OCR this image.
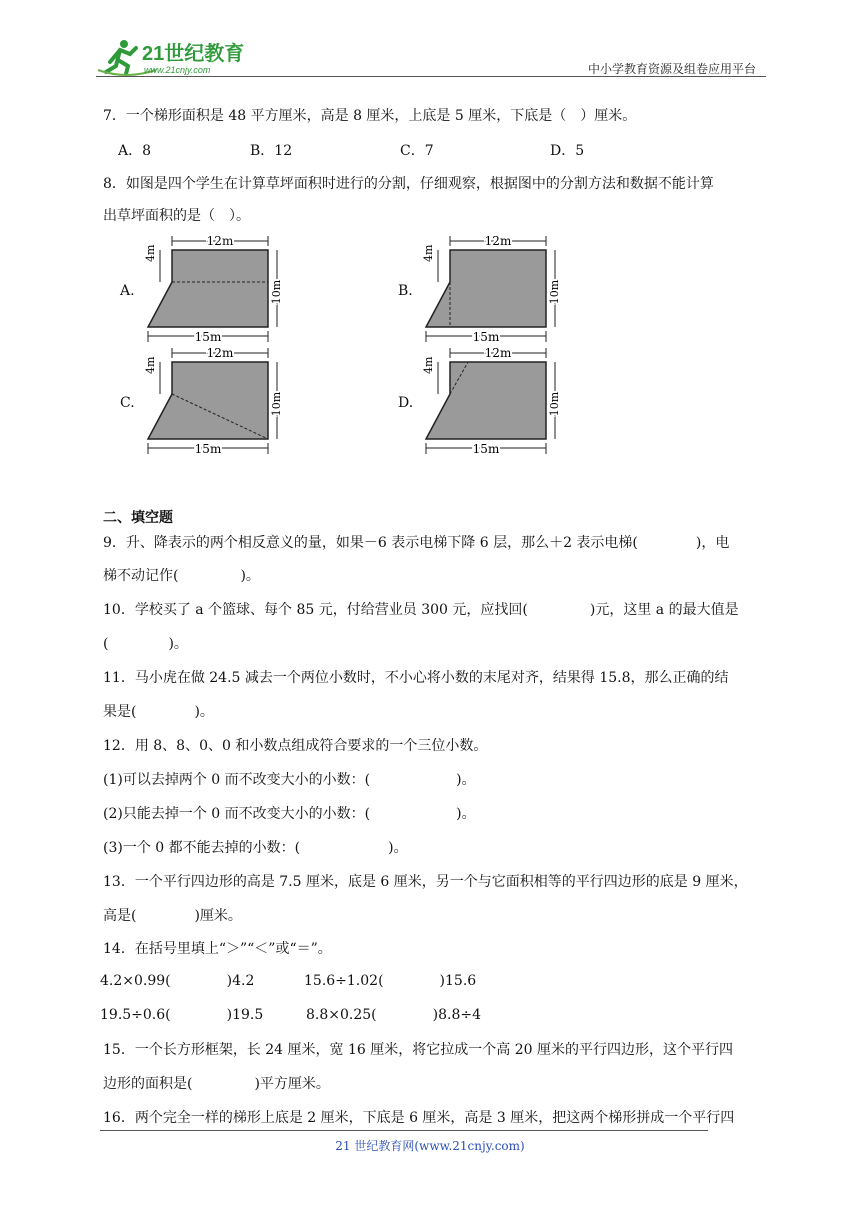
21世纪教育
www.21cnjy.com	中小学教育资源及组卷应用平台
7．一个梯形面积是 48 平方厘米，高是 8 厘米，上底是 5 厘米，下底是（　）厘米。
A．8	B．12	C．7	D．5
8．如图是四个学生在计算草坪面积时进行的分割，仔细观察，根据图中的分割方法和数据不能计算
出草坪面积的是（　）。
A.
12m
4m
10m
15m
B.
12m
4m
10m
15m
C.
12m
4m
10m
15m
D.
12m
4m
10m
15m
二、填空题
9．升、降表示的两个相反意义的量，如果－6 表示电梯下降 6 层，那么＋2 表示电梯(	)，电
梯不动记作(	)。
10．学校买了 a 个篮球、每个 85 元，付给营业员 300 元，应找回(	)元，这里 a 的最大值是
(	)。
11．马小虎在做 24.5 减去一个两位小数时，不小心将小数的末尾对齐，结果得 15.8，那么正确的结
果是(	)。
12．用 8、8、0、0 和小数点组成符合要求的一个三位小数。
(1)可以去掉两个 0 而不改变大小的小数：(	)。
(2)只能去掉一个 0 而不改变大小的小数：(	)。
(3)一个 0 都不能去掉的小数：(	)。
13．一个平行四边形的高是 7.5 厘米，底是 6 厘米，另一个与它面积相等的平行四边形的底是 9 厘米，
高是(	)厘米。
14．在括号里填上“＞”“＜”或“＝”。
4.2×0.99(	)4.2	15.6÷1.02(	)15.6
19.5÷0.6(	)19.5	8.8×0.25(	)8.8÷4
15．一个长方形框架，长 24 厘米，宽 16 厘米，将它拉成一个高 20 厘米的平行四边形，这个平行四
边形的面积是(	)平方厘米。
16．两个完全一样的梯形上底是 2 厘米，下底是 6 厘米，高是 3 厘米，把这两个梯形拼成一个平行四
21 世纪教育网(www.21cnjy.com)
